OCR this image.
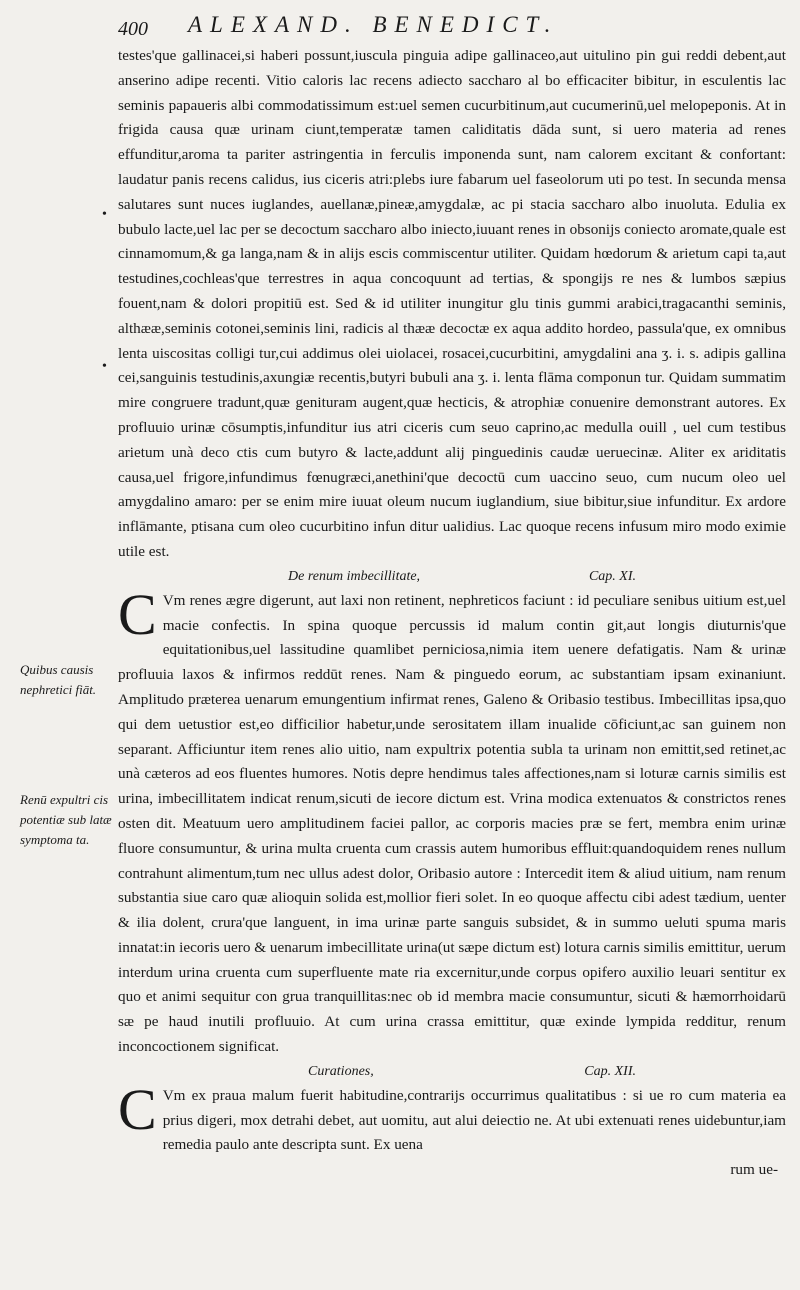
400 ALEXAND. BENEDICT.
Quibus causis nephretici fiāt.
Renū expultri cis potentiæ sub latæ symptoma ta.
•
•

testes'que gallinacei,si haberi possunt,iuscula pinguia adipe gallinaceo,aut uitulino pin gui reddi debent,aut anserino adipe recenti. Vitio caloris lac recens adiecto saccharo al bo efficaciter bibitur, in esculentis lac seminis papaueris albi commodatissimum est:uel semen cucurbitinum,aut cucumerinū,uel melopeponis. At in frigida causa quæ urinam ciunt,temperatæ tamen caliditatis dāda sunt, si uero materia ad renes effunditur,aroma ta pariter astringentia in ferculis imponenda sunt, nam calorem excitant & confortant: laudatur panis recens calidus, ius ciceris atri:plebs iure fabarum uel faseolorum uti po test. In secunda mensa salutares sunt nuces iuglandes, auellanæ,pineæ,amygdalæ, ac pi stacia saccharo albo inuoluta. Edulia ex bubulo lacte,uel lac per se decoctum saccharo albo iniecto,iuuant renes in obsonijs coniecto aromate,quale est cinnamomum,& ga langa,nam & in alijs escis commiscentur utiliter. Quidam hœdorum & arietum capi ta,aut testudines,cochleas'que terrestres in aqua concoquunt ad tertias, & spongijs re nes & lumbos sæpius fouent,nam & dolori propitiū est. Sed & id utiliter inungitur glu tinis gummi arabici,tragacanthi seminis, althææ,seminis cotonei,seminis lini, radicis al thææ decoctæ ex aqua addito hordeo, passula'que, ex omnibus lenta uiscositas colligi tur,cui addimus olei uiolacei, rosacei,cucurbitini, amygdalini ana ʒ. i. s. adipis gallina cei,sanguinis testudinis,axungiæ recentis,butyri bubuli ana ʒ. i. lenta flāma componun tur. Quidam summatim mire congruere tradunt,quæ genituram augent,quæ hecticis, & atrophiæ conuenire demonstrant autores. Ex profluuio urinæ cōsumptis,infunditur ius atri ciceris cum seuo caprino,ac medulla ouill , uel cum testibus arietum unà deco ctis cum butyro & lacte,addunt alij pinguedinis caudæ ueruecinæ. Aliter ex ariditatis causa,uel frigore,infundimus fœnugræci,anethini'que decoctū cum uaccino seuo, cum nucum oleo uel amygdalino amaro: per se enim mire iuuat oleum nucum iuglandium, siue bibitur,siue infunditur. Ex ardore inflāmante, ptisana cum oleo cucurbitino infun ditur ualidius. Lac quoque recens infusum miro modo eximie utile est.

De renum imbecillitate,	Cap. XI.

C Vm renes ægre digerunt, aut laxi non retinent, nephreticos faciunt : id peculiare senibus uitium est,uel macie confectis. In spina quoque percussis id malum contin git,aut longis diuturnis'que equitationibus,uel lassitudine quamlibet perniciosa,nimia item uenere defatigatis. Nam & urinæ profluuia laxos & infirmos reddūt renes. Nam & pinguedo eorum, ac substantiam ipsam exinaniunt. Amplitudo præterea uenarum emungentium infirmat renes, Galeno & Oribasio testibus. Imbecillitas ipsa,quo qui dem uetustior est,eo difficilior habetur,unde serositatem illam inualide cōficiunt,ac san guinem non separant. Afficiuntur item renes alio uitio, nam expultrix potentia subla ta urinam non emittit,sed retinet,ac unà cæteros ad eos fluentes humores. Notis depre hendimus tales affectiones,nam si loturæ carnis similis est urina, imbecillitatem indicat renum,sicuti de iecore dictum est. Vrina modica extenuatos & constrictos renes osten dit. Meatuum uero amplitudinem faciei pallor, ac corporis macies præ se fert, membra enim urinæ fluore consumuntur, & urina multa cruenta cum crassis autem humoribus effluit:quandoquidem renes nullum contrahunt alimentum,tum nec ullus adest dolor, Oribasio autore : Intercedit item & aliud uitium, nam renum substantia siue caro quæ alioquin solida est,mollior fieri solet. In eo quoque affectu cibi adest tædium, uenter & ilia dolent, crura'que languent, in ima urinæ parte sanguis subsidet, & in summo ueluti spuma maris innatat:in iecoris uero & uenarum imbecillitate urina(ut sæpe dictum est) lotura carnis similis emittitur, uerum interdum urina cruenta cum superfluente mate ria excernitur,unde corpus opifero auxilio leuari sentitur ex quo et animi sequitur con grua tranquillitas:nec ob id membra macie consumuntur, sicuti & hæmorrhoidarū sæ pe haud inutili profluuio. At cum urina crassa emittitur, quæ exinde lympida redditur, renum inconcoctionem significat.

Curationes,	Cap. XII.

C Vm ex praua malum fuerit habitudine,contrarijs occurrimus qualitatibus : si ue ro cum materia ea prius digeri, mox detrahi debet, aut uomitu, aut alui deiectio ne. At ubi extenuati renes uidebuntur,iam remedia paulo ante descripta sunt. Ex uena

rum ue-
